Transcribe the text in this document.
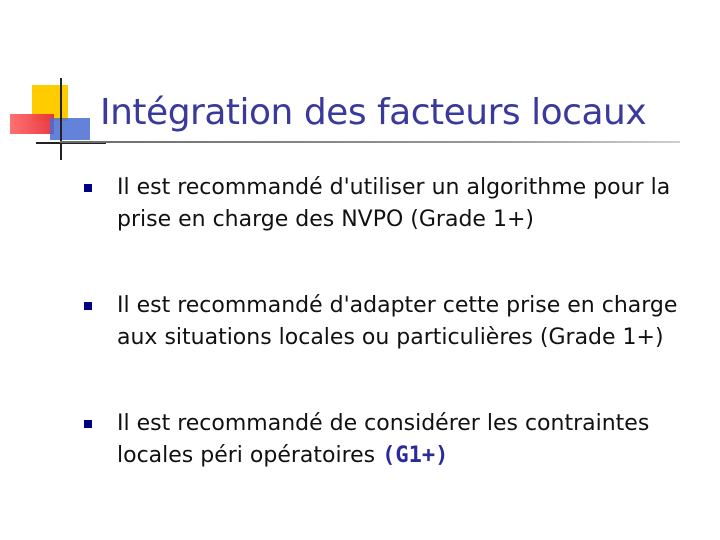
Intégration des facteurs locaux
Il est recommandé d'utiliser un algorithme pour la prise en charge des NVPO (Grade 1+)
Il est recommandé d'adapter cette prise en charge aux situations locales ou particulières (Grade 1+)
Il est recommandé de considérer les contraintes locales péri opératoires (G1+)
